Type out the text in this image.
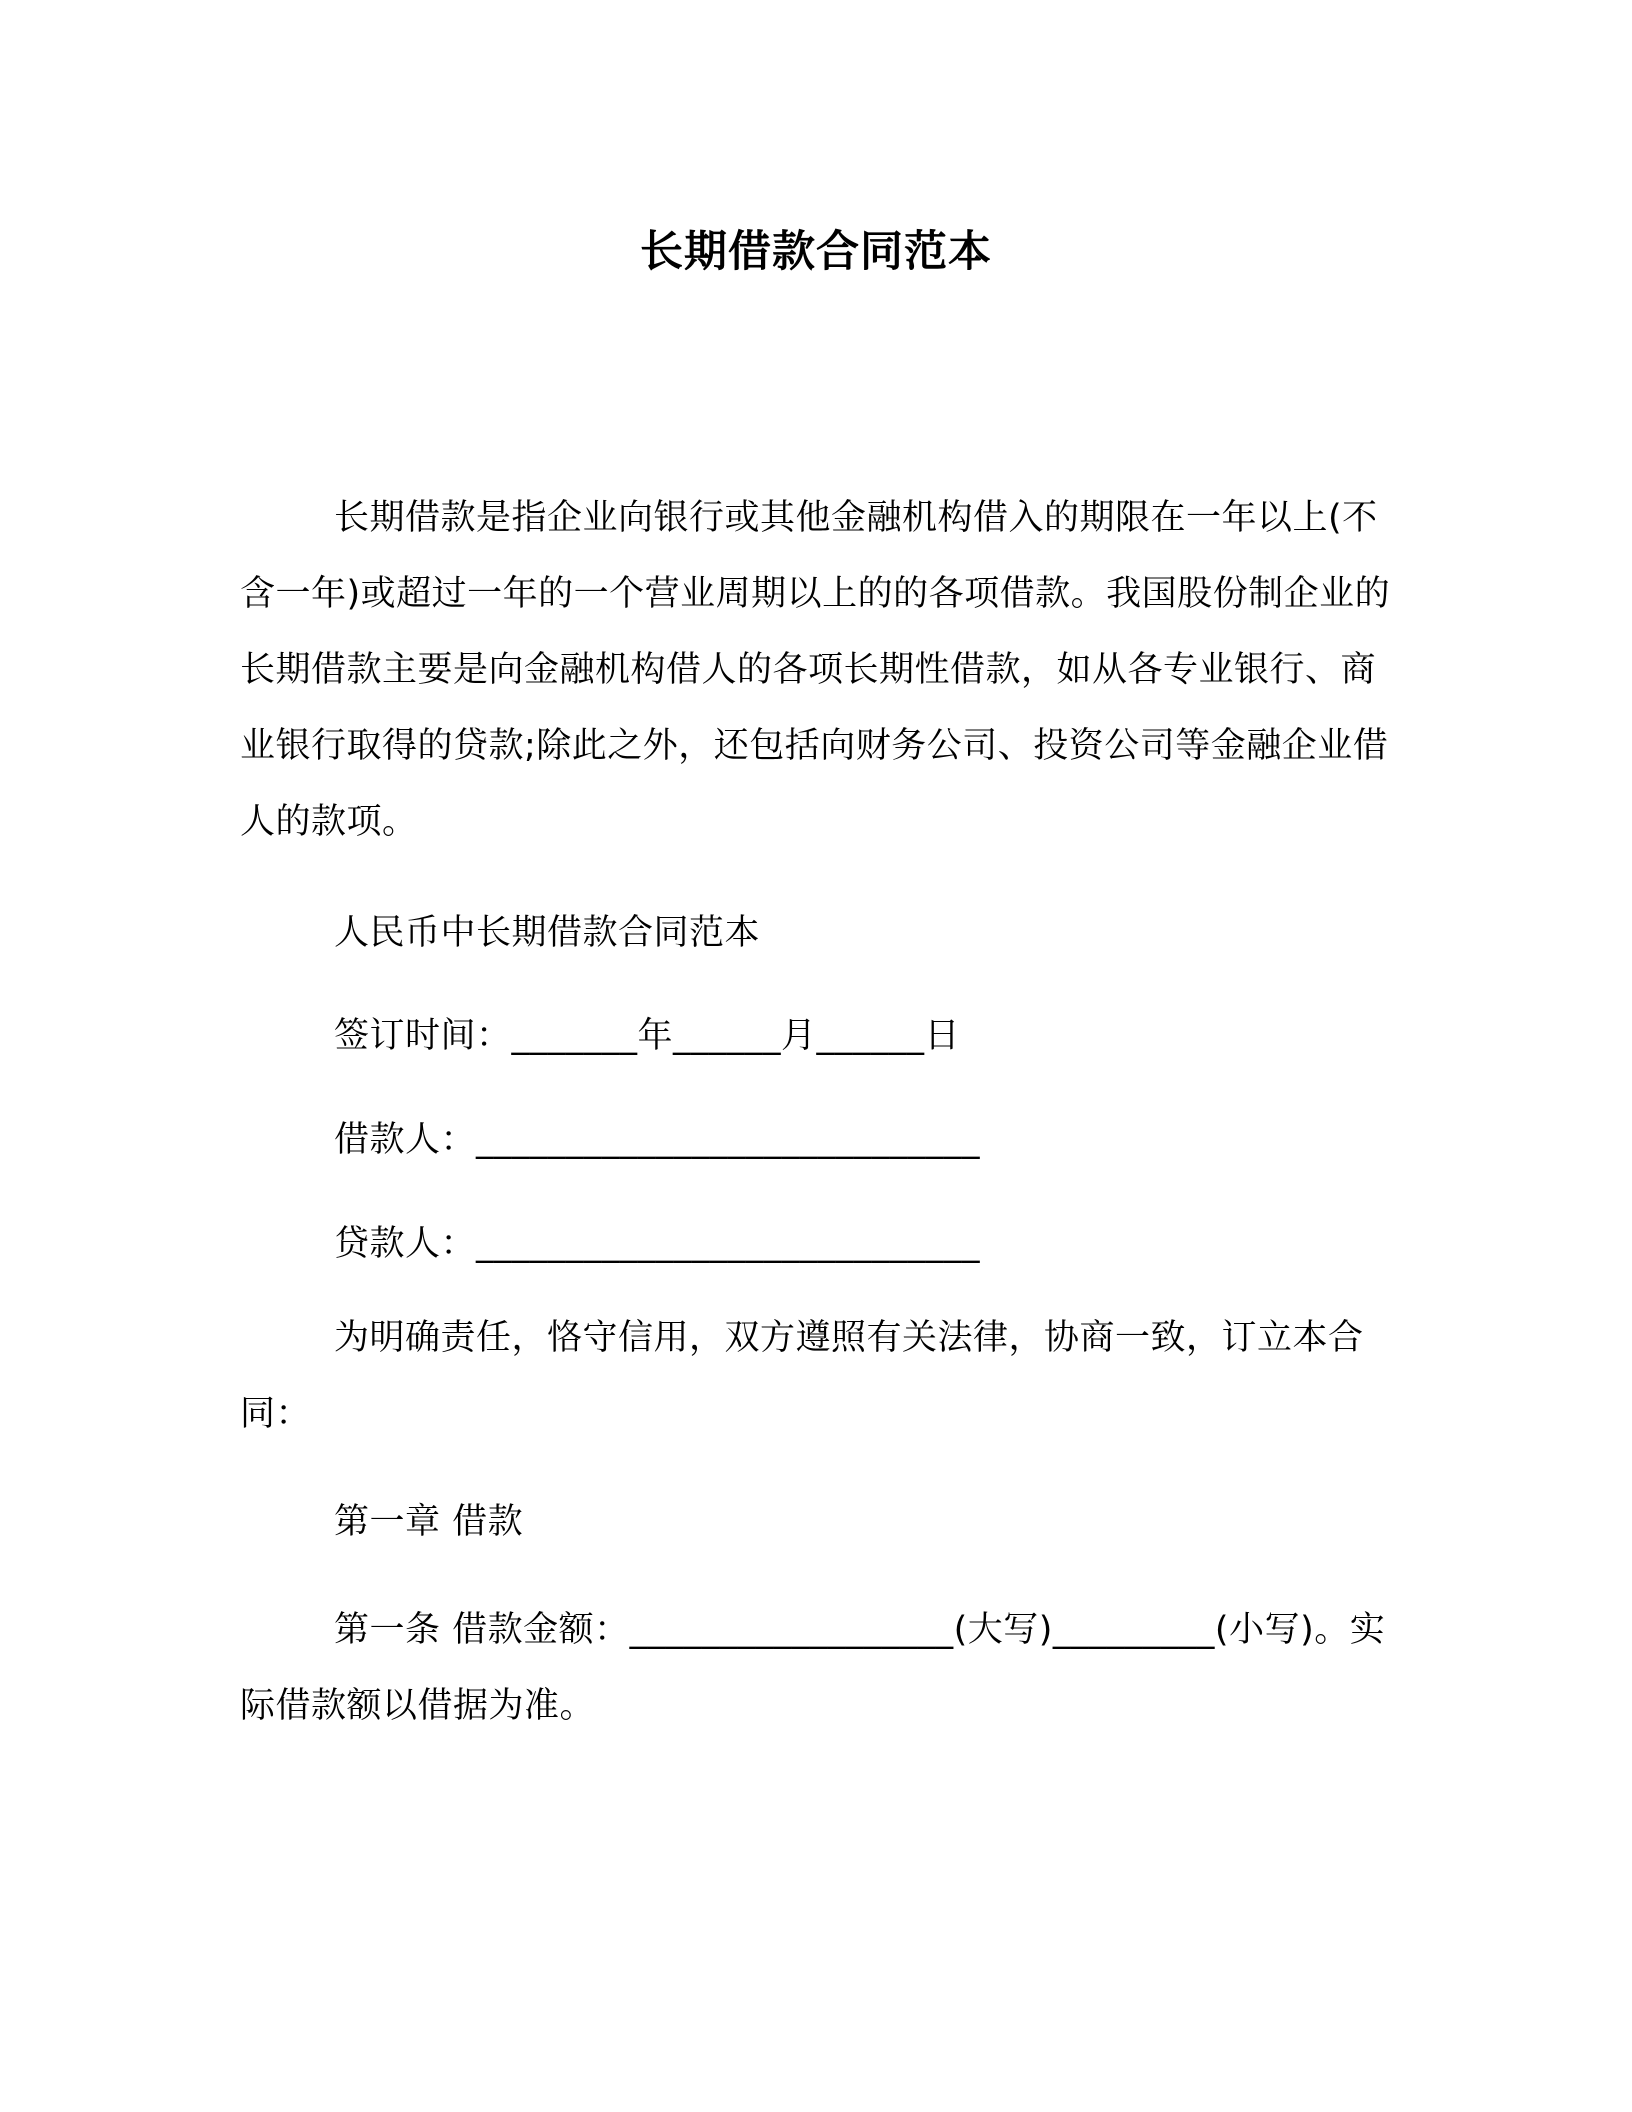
长期借款合同范本

长期借款是指企业向银行或其他金融机构借入的期限在一年以上(不含一年)或超过一年的一个营业周期以上的的各项借款。我国股份制企业的长期借款主要是向金融机构借人的各项长期性借款，如从各专业银行、商业银行取得的贷款;除此之外，还包括向财务公司、投资公司等金融企业借人的款项。

人民币中长期借款合同范本
签订时间：_______年______月______日
借款人：____________________________
贷款人：____________________________

为明确责任，恪守信用，双方遵照有关法律，协商一致，订立本合同：

第一章 借款

第一条 借款金额：__________________(大写)_________(小写)。实际借款额以借据为准。
